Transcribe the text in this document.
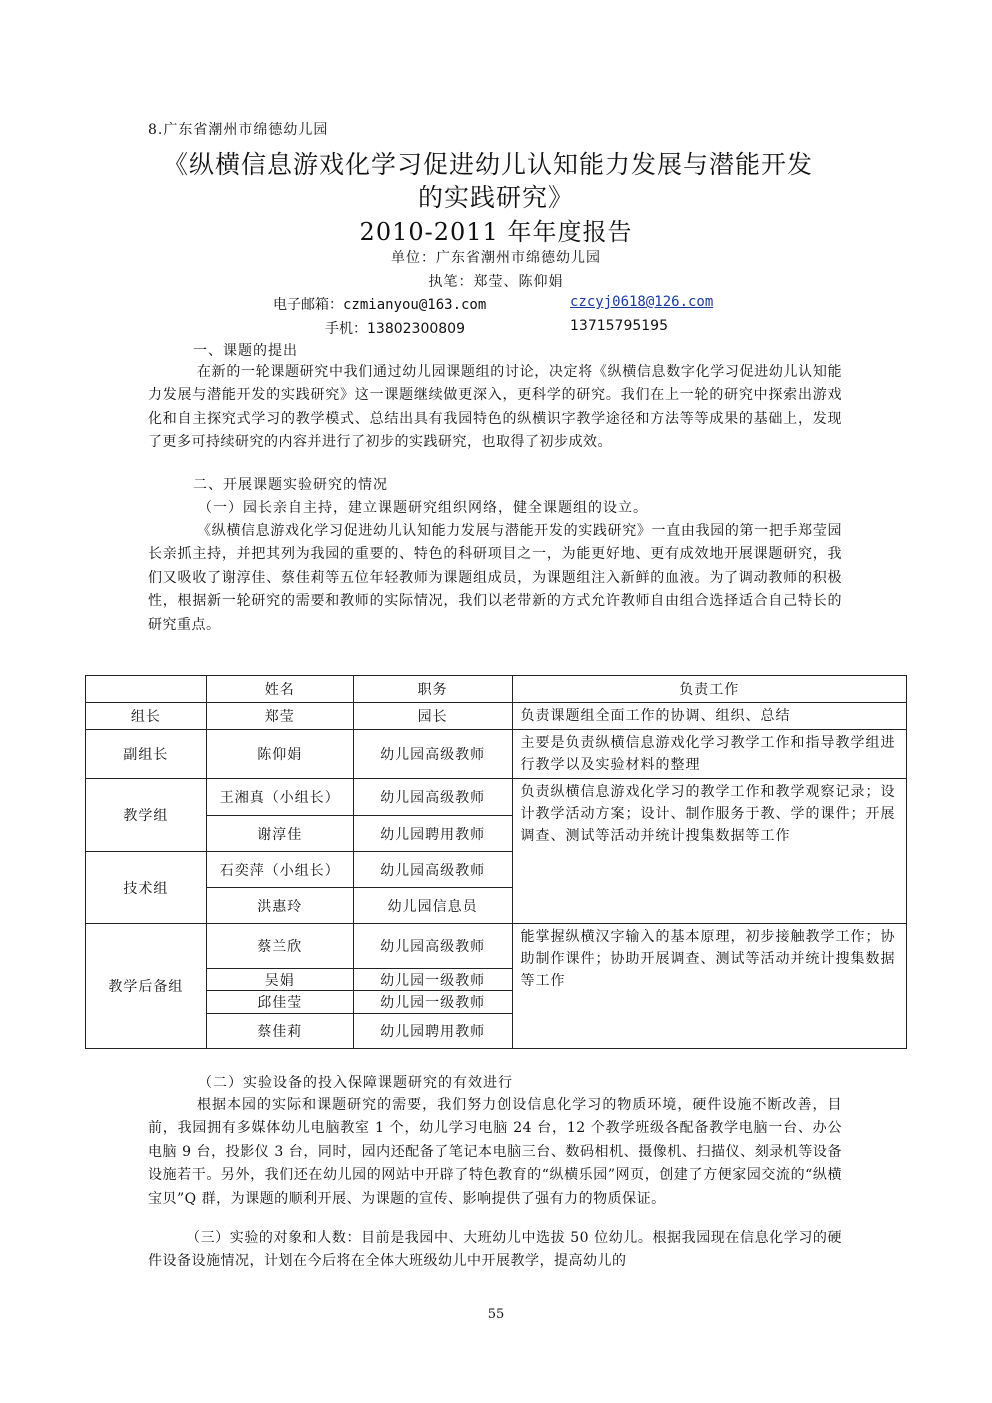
8.广东省潮州市绵德幼儿园
《纵横信息游戏化学习促进幼儿认知能力发展与潜能开发
的实践研究》
2010-2011 年年度报告
单位：广东省潮州市绵德幼儿园
执笔：郑莹、陈仰娟
电子邮箱：czmianyou@163.com	czcyj0618@126.com
手机：13802300809	13715795195
一、课题的提出
在新的一轮课题研究中我们通过幼儿园课题组的讨论，决定将《纵横信息数字化学习促进幼儿认知能力发展与潜能开发的实践研究》这一课题继续做更深入，更科学的研究。我们在上一轮的研究中探索出游戏化和自主探究式学习的教学模式、总结出具有我园特色的纵横识字教学途径和方法等等成果的基础上，发现了更多可持续研究的内容并进行了初步的实践研究，也取得了初步成效。
二、开展课题实验研究的情况
（一）园长亲自主持，建立课题研究组织网络，健全课题组的设立。
《纵横信息游戏化学习促进幼儿认知能力发展与潜能开发的实践研究》一直由我园的第一把手郑莹园长亲抓主持，并把其列为我园的重要的、特色的科研项目之一，为能更好地、更有成效地开展课题研究，我们又吸收了谢淳佳、蔡佳莉等五位年轻教师为课题组成员，为课题组注入新鲜的血液。为了调动教师的积极性，根据新一轮研究的需要和教师的实际情况，我们以老带新的方式允许教师自由组合选择适合自己特长的研究重点。
	姓名	职务	负责工作
组长	郑莹	园长	负责课题组全面工作的协调、组织、总结
副组长	陈仰娟	幼儿园高级教师	主要是负责纵横信息游戏化学习教学工作和指导教学组进行教学以及实验材料的整理
教学组	王湘真（小组长）	幼儿园高级教师	负责纵横信息游戏化学习的教学工作和教学观察记录；设计教学活动方案；设计、制作服务于教、学的课件；开展调查、测试等活动并统计搜集数据等工作
	谢淳佳	幼儿园聘用教师	
技术组	石奕萍（小组长）	幼儿园高级教师	
	洪惠玲	幼儿园信息员	
教学后备组	蔡兰欣	幼儿园高级教师	能掌握纵横汉字输入的基本原理，初步接触教学工作；协助制作课件；协助开展调查、测试等活动并统计搜集数据等工作
	吴娟	幼儿园一级教师	
	邱佳莹	幼儿园一级教师	
	蔡佳莉	幼儿园聘用教师	
（二）实验设备的投入保障课题研究的有效进行
根据本园的实际和课题研究的需要，我们努力创设信息化学习的物质环境，硬件设施不断改善，目前，我园拥有多媒体幼儿电脑教室 1 个，幼儿学习电脑 24 台，12 个教学班级各配备教学电脑一台、办公电脑 9 台，投影仪 3 台，同时，园内还配备了笔记本电脑三台、数码相机、摄像机、扫描仪、刻录机等设备设施若干。另外，我们还在幼儿园的网站中开辟了特色教育的“纵横乐园”网页，创建了方便家园交流的“纵横宝贝”Q 群，为课题的顺利开展、为课题的宣传、影响提供了强有力的物质保证。
（三）实验的对象和人数：目前是我园中、大班幼儿中选拔 50 位幼儿。根据我园现在信息化学习的硬件设备设施情况，计划在今后将在全体大班级幼儿中开展教学，提高幼儿的
55
